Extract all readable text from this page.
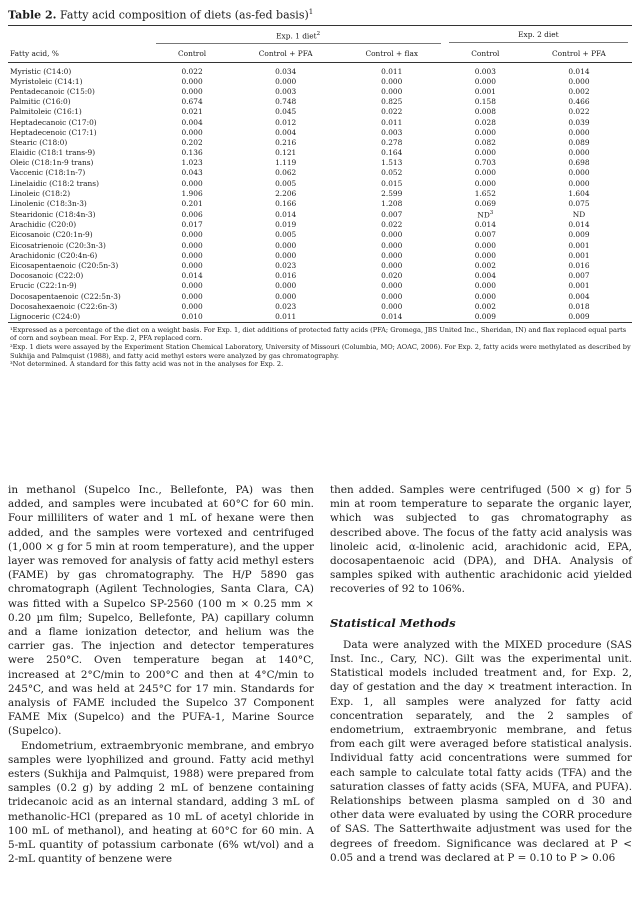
Table 2. Fatty acid composition of diets (as-fed basis)$^1$

	Exp. 1 diet$^2$			Exp. 2 diet	

Fatty acid, %	Control	Control + PFA	Control + flax	Control	Control + PFA
Myristic (C14:0)	0.022	0.034	0.011	0.003	0.014
Myristoleic (C14:1)	0.000	0.000	0.000	0.000	0.000
Pentadecanoic (C15:0)	0.000	0.003	0.000	0.001	0.002
Palmitic (C16:0)	0.674	0.748	0.825	0.158	0.466
Palmitoleic (C16:1)	0.021	0.045	0.022	0.008	0.022
Heptadecanoic (C17:0)	0.004	0.012	0.011	0.028	0.039
Heptadecenoic (C17:1)	0.000	0.004	0.003	0.000	0.000
Stearic (C18:0)	0.202	0.216	0.278	0.082	0.089
Elaidic (C18:1 trans-9)	0.136	0.121	0.164	0.000	0.000
Oleic (C18:1n-9 trans)	1.023	1.119	1.513	0.703	0.698
Vaccenic (C18:1n-7)	0.043	0.062	0.052	0.000	0.000
Linelaidic (C18:2 trans)	0.000	0.005	0.015	0.000	0.000
Linoleic (C18:2)	1.906	2.206	2.599	1.652	1.604
Linolenic (C18:3n-3)	0.201	0.166	1.208	0.069	0.075
Stearidonic (C18:4n-3)	0.006	0.014	0.007	$ND^3$	ND
Arachidic (C20:0)	0.017	0.019	0.022	0.014	0.014
Eicosanoic (C20:1n-9)	0.000	0.005	0.000	0.007	0.009
Eicosatrienoic (C20:3n-3)	0.000	0.000	0.000	0.000	0.001
Arachidonic (C20:4n-6)	0.000	0.000	0.000	0.000	0.001
Eicosapentaenoic (C20:5n-3)	0.000	0.023	0.000	0.002	0.016
Docosanoic (C22:0)	0.014	0.016	0.020	0.004	0.007
Erucic (C22:1n-9)	0.000	0.000	0.000	0.000	0.001
Docosapentaenoic (C22:5n-3)	0.000	0.000	0.000	0.000	0.004
Docosahexaenoic (C22:6n-3)	0.000	0.023	0.000	0.002	0.018
Lignoceric (C24:0)	0.010	0.011	0.014	0.009	0.009

¹Expressed as a percentage of the diet on a weight basis. For Exp. 1, diet additions of protected fatty acids (PFA; Gromega, JBS United Inc., Sheridan, IN) and flax replaced equal parts of corn and soybean meal. For Exp. 2, PFA replaced corn.

²Exp. 1 diets were assayed by the Experiment Station Chemical Laboratory, University of Missouri (Columbia, MO; AOAC, 2006). For Exp. 2, fatty acids were methylated as described by Sukhija and Palmquist (1988), and fatty acid methyl esters were analyzed by gas chromatography.

³Not determined. A standard for this fatty acid was not in the analyses for Exp. 2.

in methanol (Supelco Inc., Bellefonte, PA) was then added, and samples were incubated at 60°C for 60 min. Four milliliters of water and 1 mL of hexane were then added, and the samples were vortexed and centrifuged (1,000 × g for 5 min at room temperature), and the upper layer was removed for analysis of fatty acid methyl esters (FAME) by gas chromatography. The H/P 5890 gas chromatograph (Agilent Technologies, Santa Clara, CA) was fitted with a Supelco SP-2560 (100 m × 0.25 mm × 0.20 µm film; Supelco, Bellefonte, PA) capillary column and a flame ionization detector, and helium was the carrier gas. The injection and detector temperatures were 250°C. Oven temperature began at 140°C, increased at 2°C/min to 200°C and then at 4°C/min to 245°C, and was held at 245°C for 17 min. Standards for analysis of FAME included the Supelco 37 Component FAME Mix (Supelco) and the PUFA-1, Marine Source (Supelco).

Endometrium, extraembryonic membrane, and embryo samples were lyophilized and ground. Fatty acid methyl esters (Sukhija and Palmquist, 1988) were prepared from samples (0.2 g) by adding 2 mL of benzene containing tridecanoic acid as an internal standard, adding 3 mL of methanolic-HCl (prepared as 10 mL of acetyl chloride in 100 mL of methanol), and heating at 60°C for 60 min. A 5-mL quantity of potassium carbonate (6% wt/vol) and a 2-mL quantity of benzene were

then added. Samples were centrifuged (500 × g) for 5 min at room temperature to separate the organic layer, which was subjected to gas chromatography as described above. The focus of the fatty acid analysis was linoleic acid, α-linolenic acid, arachidonic acid, EPA, docosapentaenoic acid (DPA), and DHA. Analysis of samples spiked with authentic arachidonic acid yielded recoveries of 92 to 106%.

Statistical Methods

Data were analyzed with the MIXED procedure (SAS Inst. Inc., Cary, NC). Gilt was the experimental unit. Statistical models included treatment and, for Exp. 2, day of gestation and the day × treatment interaction. In Exp. 1, all samples were analyzed for fatty acid concentration separately, and the 2 samples of endometrium, extraembryonic membrane, and fetus from each gilt were averaged before statistical analysis. Individual fatty acid concentrations were summed for each sample to calculate total fatty acids (TFA) and the saturation classes of fatty acids (SFA, MUFA, and PUFA). Relationships between plasma sampled on d 30 and other data were evaluated by using the CORR procedure of SAS. The Satterthwaite adjustment was used for the degrees of freedom. Significance was declared at P < 0.05 and a trend was declared at P = 0.10 to P > 0.06
